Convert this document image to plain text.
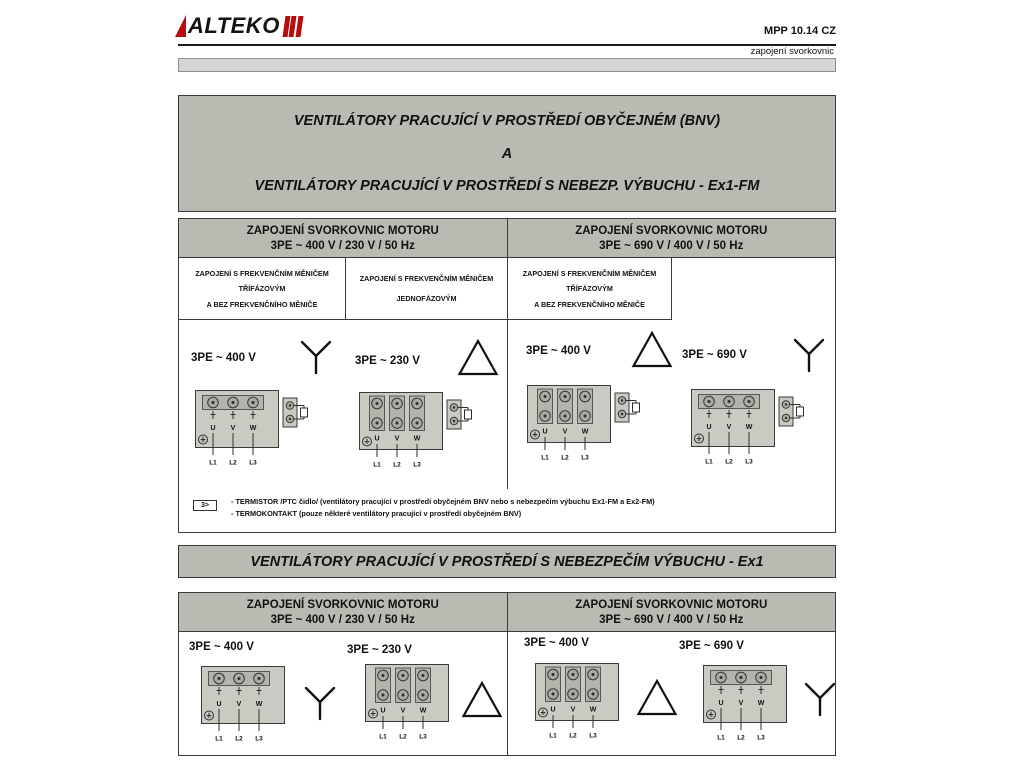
ALTEKO	MPP 10.14 CZ
zapojení svorkovnic
VENTILÁTORY PRACUJÍCÍ V PROSTŘEDÍ OBYČEJNÉM (BNV)
A
VENTILÁTORY PRACUJÍCÍ V PROSTŘEDÍ S NEBEZP. VÝBUCHU - Ex1-FM
ZAPOJENÍ SVORKOVNIC MOTORU
3PE ~ 400 V / 230 V / 50 Hz
ZAPOJENÍ SVORKOVNIC MOTORU
3PE ~ 690 V / 400 V / 50 Hz
ZAPOJENÍ S FREKVENČNÍM MĚNIČEM
TŘÍFÁZOVÝM
A BEZ FREKVENČNÍHO MĚNIČE
ZAPOJENÍ S FREKVENČNÍM MĚNIČEM
JEDNOFÁZOVÝM
ZAPOJENÍ S FREKVENČNÍM MĚNIČEM
TŘÍFÁZOVÝM
A BEZ FREKVENČNÍHO MĚNIČE
3PE ~ 400 V
U V W
L1 L2 L3
3PE ~ 230 V
U V W
L1 L2 L3
3PE ~ 400 V
U V W
L1 L2 L3
3PE ~ 690 V
U V W
L1 L2 L3
3>	- TERMISTOR /PTC čidlo/ (ventilátory pracující v prostředí obyčejném BNV nebo s nebezpečím výbuchu Ex1-FM a Ex2-FM)
- TERMOKONTAKT (pouze některé ventilátory pracující v prostředí obyčejném BNV)
VENTILÁTORY PRACUJÍCÍ V PROSTŘEDÍ S NEBEZPEČÍM VÝBUCHU - Ex1
ZAPOJENÍ SVORKOVNIC MOTORU
3PE ~ 400 V / 230 V / 50 Hz
ZAPOJENÍ SVORKOVNIC MOTORU
3PE ~ 690 V / 400 V / 50 Hz
3PE ~ 400 V
U V W
L1 L2 L3
3PE ~ 230 V
U V W
L1 L2 L3
3PE ~ 400 V
U V W
L1 L2 L3
3PE ~ 690 V
U V W
L1 L2 L3
